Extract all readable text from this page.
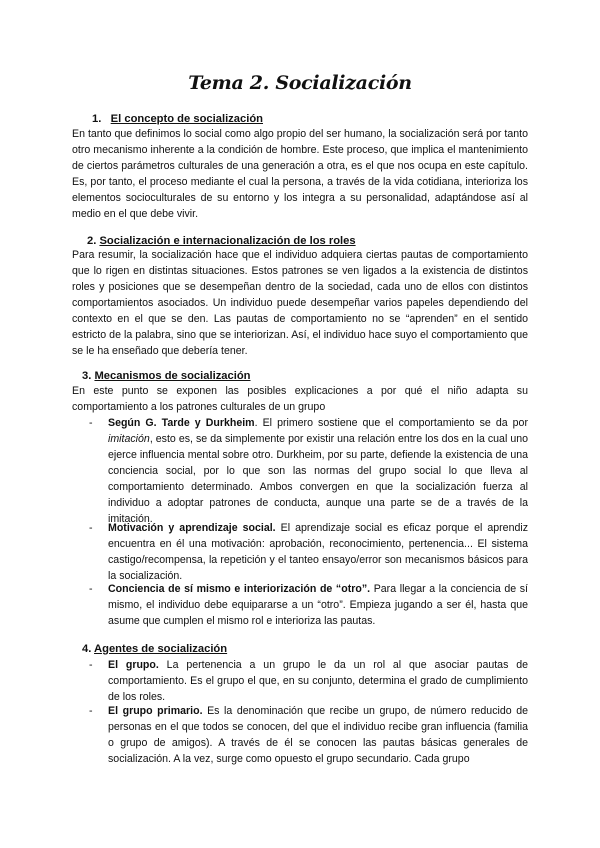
Tema 2. Socialización
1. El concepto de socialización
En tanto que definimos lo social como algo propio del ser humano, la socialización será por tanto otro mecanismo inherente a la condición de hombre. Este proceso, que implica el mantenimiento de ciertos parámetros culturales de una generación a otra, es el que nos ocupa en este capítulo. Es, por tanto, el proceso mediante el cual la persona, a través de la vida cotidiana, interioriza los elementos socioculturales de su entorno y los integra a su personalidad, adaptándose así al medio en el que debe vivir.
2. Socialización e internacionalización de los roles
Para resumir, la socialización hace que el individuo adquiera ciertas pautas de comportamiento que lo rigen en distintas situaciones. Estos patrones se ven ligados a la existencia de distintos roles y posiciones que se desempeñan dentro de la sociedad, cada uno de ellos con distintos comportamientos asociados. Un individuo puede desempeñar varios papeles dependiendo del contexto en el que se den. Las pautas de comportamiento no se “aprenden” en el sentido estricto de la palabra, sino que se interiorizan. Así, el individuo hace suyo el comportamiento que se le ha enseñado que debería tener.
3. Mecanismos de socialización
En este punto se exponen las posibles explicaciones a por qué el niño adapta su comportamiento a los patrones culturales de un grupo
- Según G. Tarde y Durkheim. El primero sostiene que el comportamiento se da por imitación, esto es, se da simplemente por existir una relación entre los dos en la cual uno ejerce influencia mental sobre otro. Durkheim, por su parte, defiende la existencia de una conciencia social, por lo que son las normas del grupo social lo que lleva al comportamiento determinado. Ambos convergen en que la socialización fuerza al individuo a adoptar patrones de conducta, aunque una parte se de a través de la imitación.
- Motivación y aprendizaje social. El aprendizaje social es eficaz porque el aprendiz encuentra en él una motivación: aprobación, reconocimiento, pertenencia... El sistema castigo/recompensa, la repetición y el tanteo ensayo/error son mecanismos básicos para la socialización.
- Conciencia de sí mismo e interiorización de “otro”. Para llegar a la conciencia de sí mismo, el individuo debe equipararse a un “otro”. Empieza jugando a ser él, hasta que asume que cumplen el mismo rol e interioriza las pautas.
4. Agentes de socialización
- El grupo. La pertenencia a un grupo le da un rol al que asociar pautas de comportamiento. Es el grupo el que, en su conjunto, determina el grado de cumplimiento de los roles.
- El grupo primario. Es la denominación que recibe un grupo, de número reducido de personas en el que todos se conocen, del que el individuo recibe gran influencia (familia o grupo de amigos). A través de él se conocen las pautas básicas generales de socialización. A la vez, surge como opuesto el grupo secundario. Cada grupo
